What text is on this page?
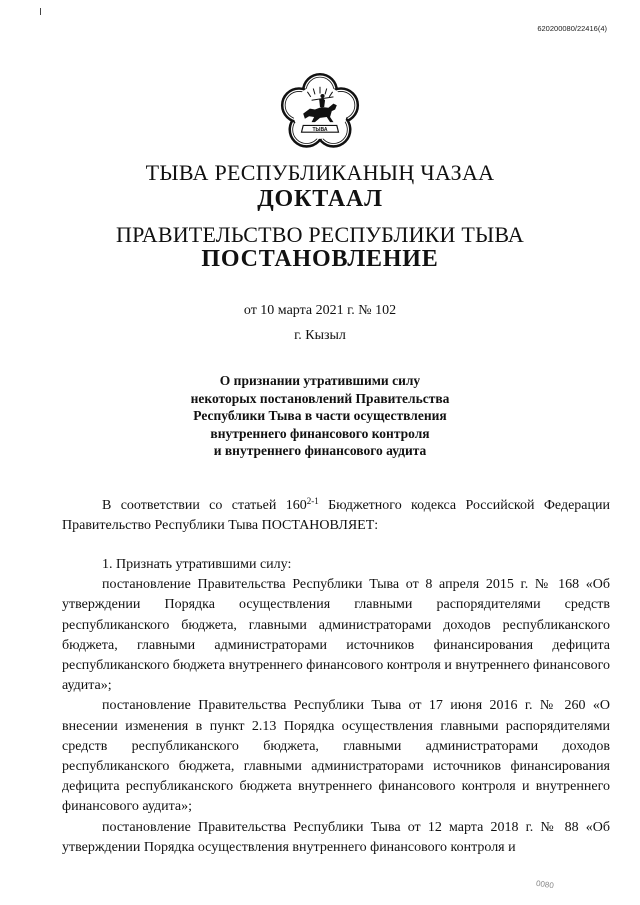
620200080/22416(4)
ТЫВА
ТЫВА РЕСПУБЛИКАНЫҢ ЧАЗАА
ДОКТААЛ
ПРАВИТЕЛЬСТВО РЕСПУБЛИКИ ТЫВА
ПОСТАНОВЛЕНИЕ
от 10 марта 2021 г. № 102
г. Кызыл
О признании утратившими силу
некоторых постановлений Правительства
Республики Тыва в части осуществления
внутреннего финансового контроля
и внутреннего финансового аудита

В соответствии со статьей 160$^{2-1}$ Бюджетного кодекса Российской Федерации Правительство Республики Тыва ПОСТАНОВЛЯЕТ:

1. Признать утратившими силу:

постановление Правительства Республики Тыва от 8 апреля 2015 г. № 168 «Об утверждении Порядка осуществления главными распорядителями средств республиканского бюджета, главными администраторами доходов республиканского бюджета, главными администраторами источников финансирования дефицита республиканского бюджета внутреннего финансового контроля и внутреннего финансового аудита»;

постановление Правительства Республики Тыва от 17 июня 2016 г. № 260 «О внесении изменения в пункт 2.13 Порядка осуществления главными распорядителями средств республиканского бюджета, главными администраторами доходов республиканского бюджета, главными администраторами источников финансирования дефицита республиканского бюджета внутреннего финансового контроля и внутреннего финансового аудита»;

постановление Правительства Республики Тыва от 12 марта 2018 г. № 88 «Об утверждении Порядка осуществления внутреннего финансового контроля и

0080
